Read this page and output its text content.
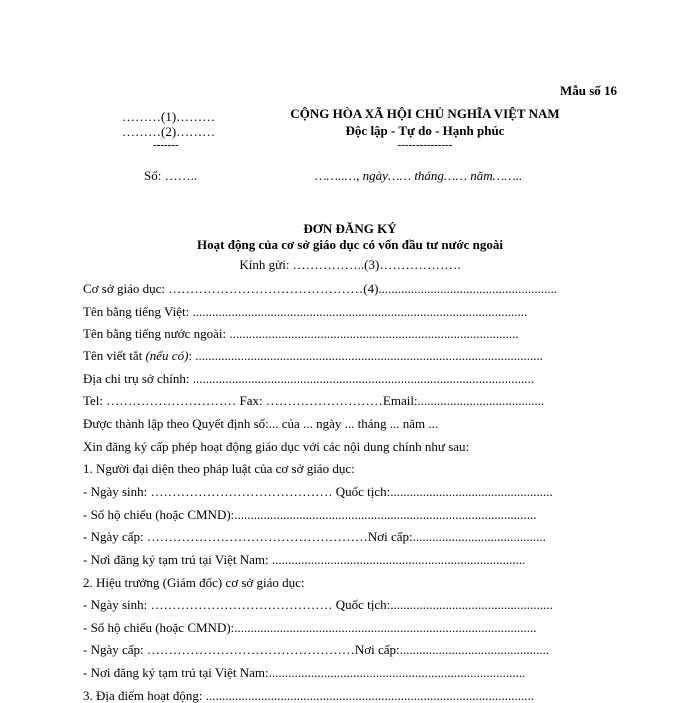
Mẫu số 16
………(1)………
………(2)………
-------
CỘNG HÒA XÃ HỘI CHỦ NGHĨA VIỆT NAM
Độc lập - Tự do - Hạnh phúc
---------------
Số: ……..	……..…, ngày…… tháng…… năm……..
ĐƠN ĐĂNG KÝ
Hoạt động của cơ sở giáo dục có vốn đầu tư nước ngoài
Kính gửi: ……………..(3)……………….
Cơ sở giáo dục: ………………………………………(4).......................................................
Tên bằng tiếng Việt: .......................................................................................................
Tên bằng tiếng nước ngoài: .........................................................................................
Tên viết tắt (nếu có): ...........................................................................................................
Địa chỉ trụ sở chính: .........................................................................................................
Tel: ………………………… Fax: ………………………Email:.......................................
Được thành lập theo Quyết định số:... của ... ngày ... tháng ... năm ...
Xin đăng ký cấp phép hoạt động giáo dục với các nội dung chính như sau:
1. Người đại diện theo pháp luật của cơ sở giáo dục:
- Ngày sinh: …………………………………… Quốc tịch:..................................................
- Số hộ chiếu (hoặc CMND):.............................................................................................
- Ngày cấp: ……………………………………………Nơi cấp:.........................................
- Nơi đăng ký tạm trú tại Việt Nam: ..............................................................................
2. Hiệu trưởng (Giám đốc) cơ sở giáo dục:
- Ngày sinh: …………………………………… Quốc tịch:..................................................
- Số hộ chiếu (hoặc CMND):.............................................................................................
- Ngày cấp: …………………………………………Nơi cấp:..............................................
- Nơi đăng ký tạm trú tại Việt Nam:...............................................................................
3. Địa điểm hoạt động: .....................................................................................................
